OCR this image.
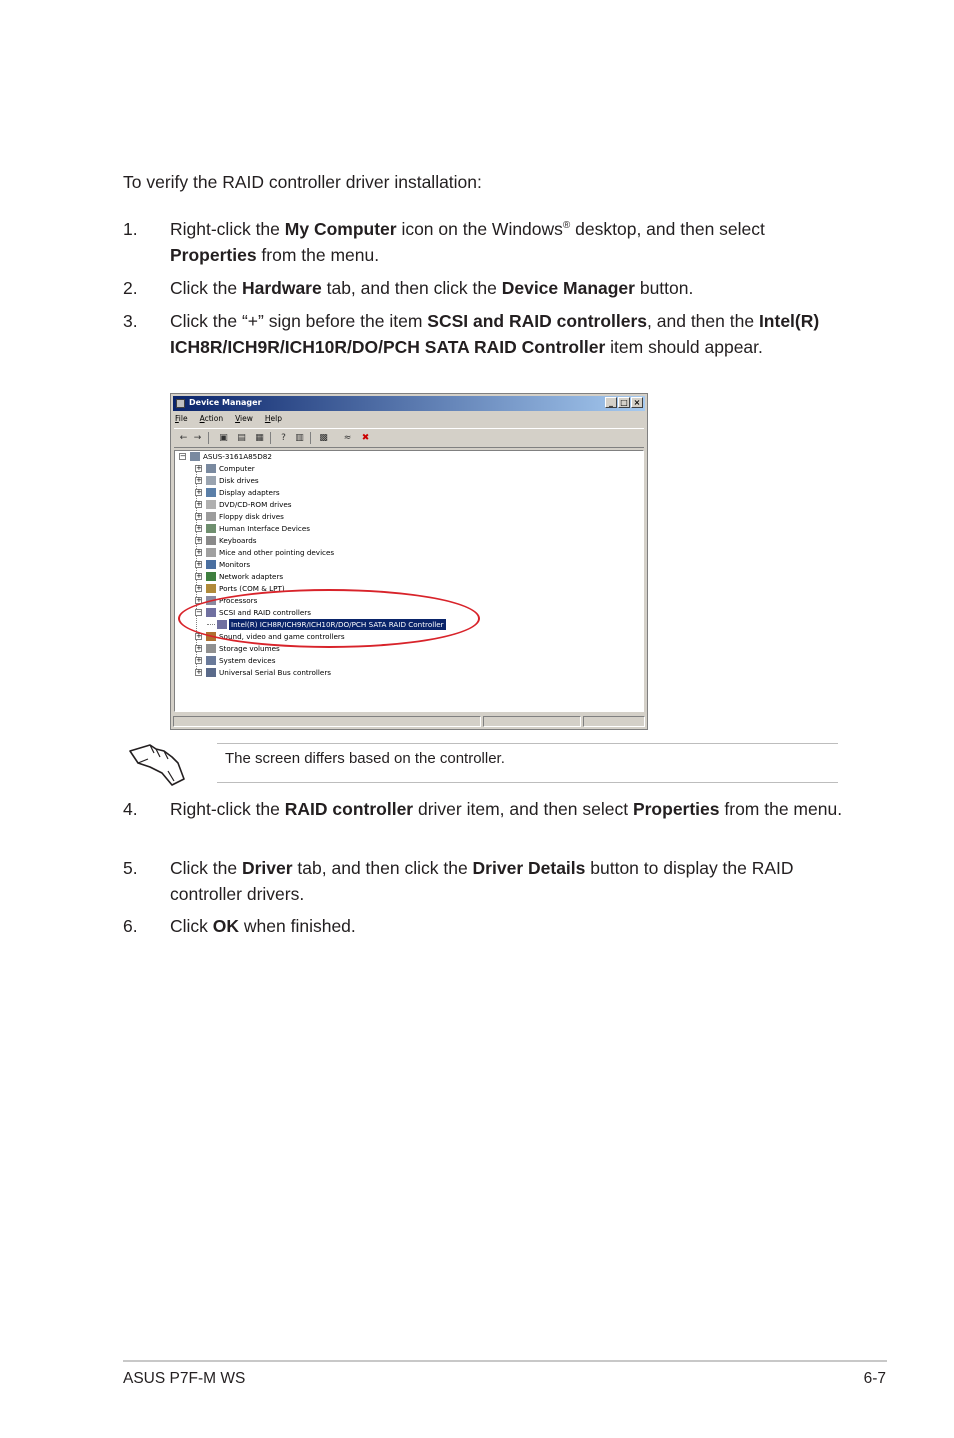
To verify the RAID controller driver installation:
1. Right-click the My Computer icon on the Windows® desktop, and then select Properties from the menu.
2. Click the Hardware tab, and then click the Device Manager button.
3. Click the “+” sign before the item SCSI and RAID controllers, and then the Intel(R) ICH8R/ICH9R/ICH10R/DO/PCH SATA RAID Controller item should appear.
Device Manager	_ □ ×
File Action View Help
← → ▣ ▤ ▦	?	▥ ▩ ≈ ✖
− ASUS-3161A85D82
+ Computer
+ Disk drives
+ Display adapters
+ DVD/CD-ROM drives
+ Floppy disk drives
+ Human Interface Devices
+ Keyboards
+ Mice and other pointing devices
+ Monitors
+ Network adapters
+ Ports (COM & LPT)
+ Processors
− SCSI and RAID controllers
Intel(R) ICH8R/ICH9R/ICH10R/DO/PCH SATA RAID Controller
+ Sound, video and game controllers
+ Storage volumes
+ System devices
+ Universal Serial Bus controllers
The screen differs based on the controller.
4. Right-click the RAID controller driver item, and then select Properties from the menu.
5. Click the Driver tab, and then click the Driver Details button to display the RAID controller drivers.
6. Click OK when finished.
ASUS P7F-M WS	6-7
